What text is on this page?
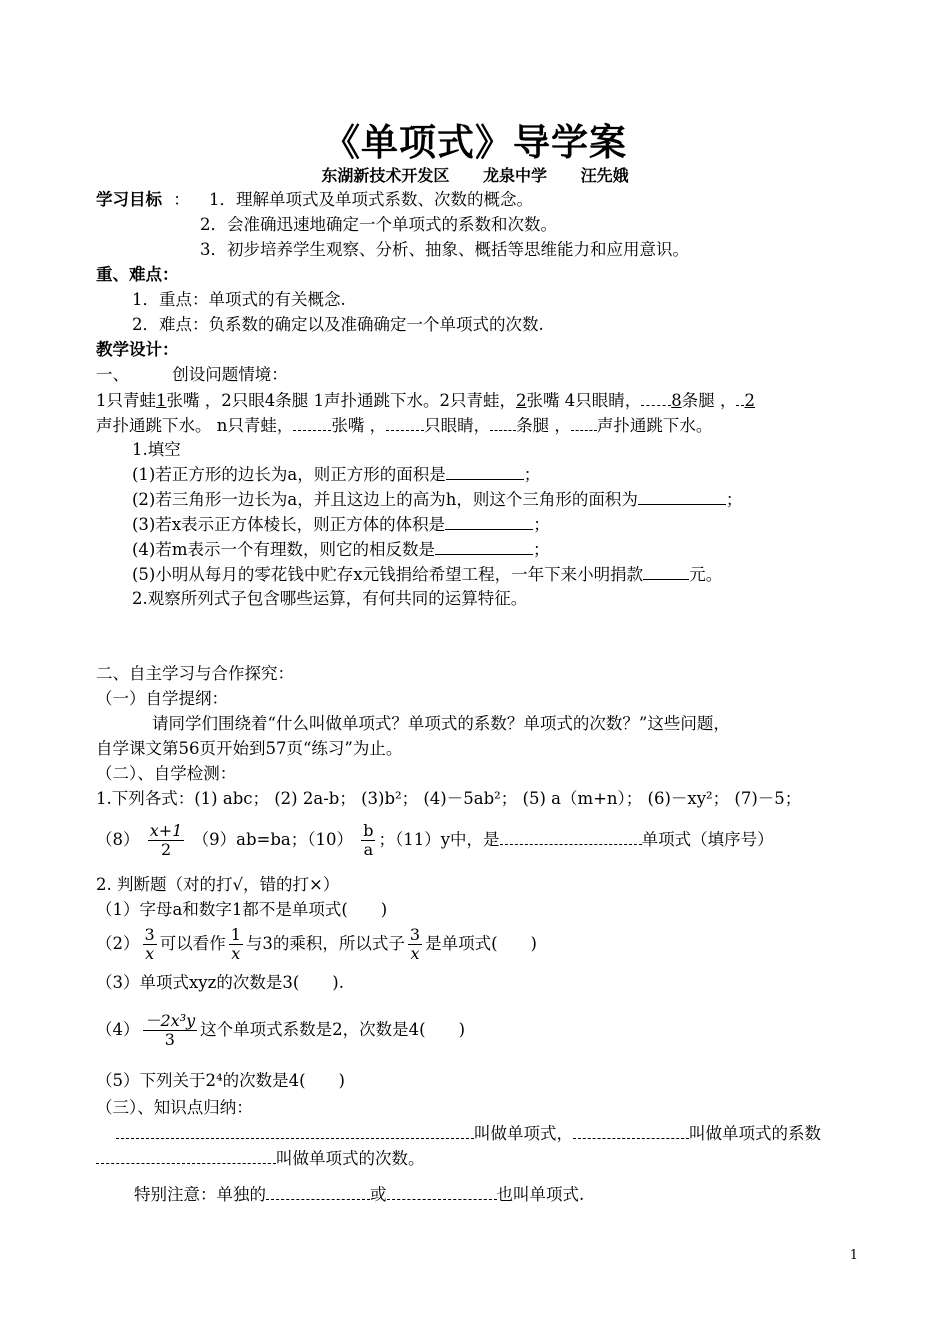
《单项式》导学案
东湖新技术开发区 龙泉中学 汪先娥
学习目标 ： 1．理解单项式及单项式系数、次数的概念。
2．会准确迅速地确定一个单项式的系数和次数。
3．初步培养学生观察、分析、抽象、概括等思维能力和应用意识。
重、难点：
1．重点：单项式的有关概念.
2．难点：负系数的确定以及准确确定一个单项式的次数.
教学设计：
一、	创设问题情境：
1只青蛙1张嘴 ，2只眼4条腿 1声扑通跳下水。2只青蛙，2张嘴 4只眼睛， 8条腿 ， 2
声扑通跳下水。 n只青蛙， 张嘴 ， 只眼睛， 条腿 ， 声扑通跳下水。
1.填空
(1)若正方形的边长为a，则正方形的面积是	；
(2)若三角形一边长为a，并且这边上的高为h，则这个三角形的面积为	；
(3)若x表示正方体棱长，则正方体的体积是	；
(4)若m表示一个有理数，则它的相反数是	；
(5)小明从每月的零花钱中贮存x元钱捐给希望工程，一年下来小明捐款	元。
2.观察所列式子包含哪些运算，有何共同的运算特征。
二、自主学习与合作探究：
（一）自学提纲：
请同学们围绕着“什么叫做单项式？单项式的系数？单项式的次数？”这些问题，
自学课文第56页开始到57页“练习”为止。
（二）、自学检测：
1.下列各式：(1) abc； (2) 2a-b； (3)b²； (4)－5ab²； (5) a（m+n）； (6)－xy²； (7)－5；
$(8) \frac{x+1}{2} (9)ab=ba$；$(10) \frac{b}{a}$ ；（11）y中，是	单项式（填序号）
2. 判断题（对的打√，错的打×）
（1）字母a和数字1都不是单项式(　　)
$(2) \frac{3}{x}$ 可以看作 $\frac{1}{x}$ 与3的乘积，所以式子 $\frac{3}{x}$ 是单项式(　　)
（3）单项式xyz的次数是3(　　).
$(4) \frac{\text{－2x³y}}{3}$ 这个单项式系数是2，次数是4(　　)
（5）下列关于2⁴的次数是4(　　)
（三）、知识点归纳：
叫做单项式，	叫做单项式的系数
叫做单项式的次数。
特别注意：单独的	或	也叫单项式.
1
